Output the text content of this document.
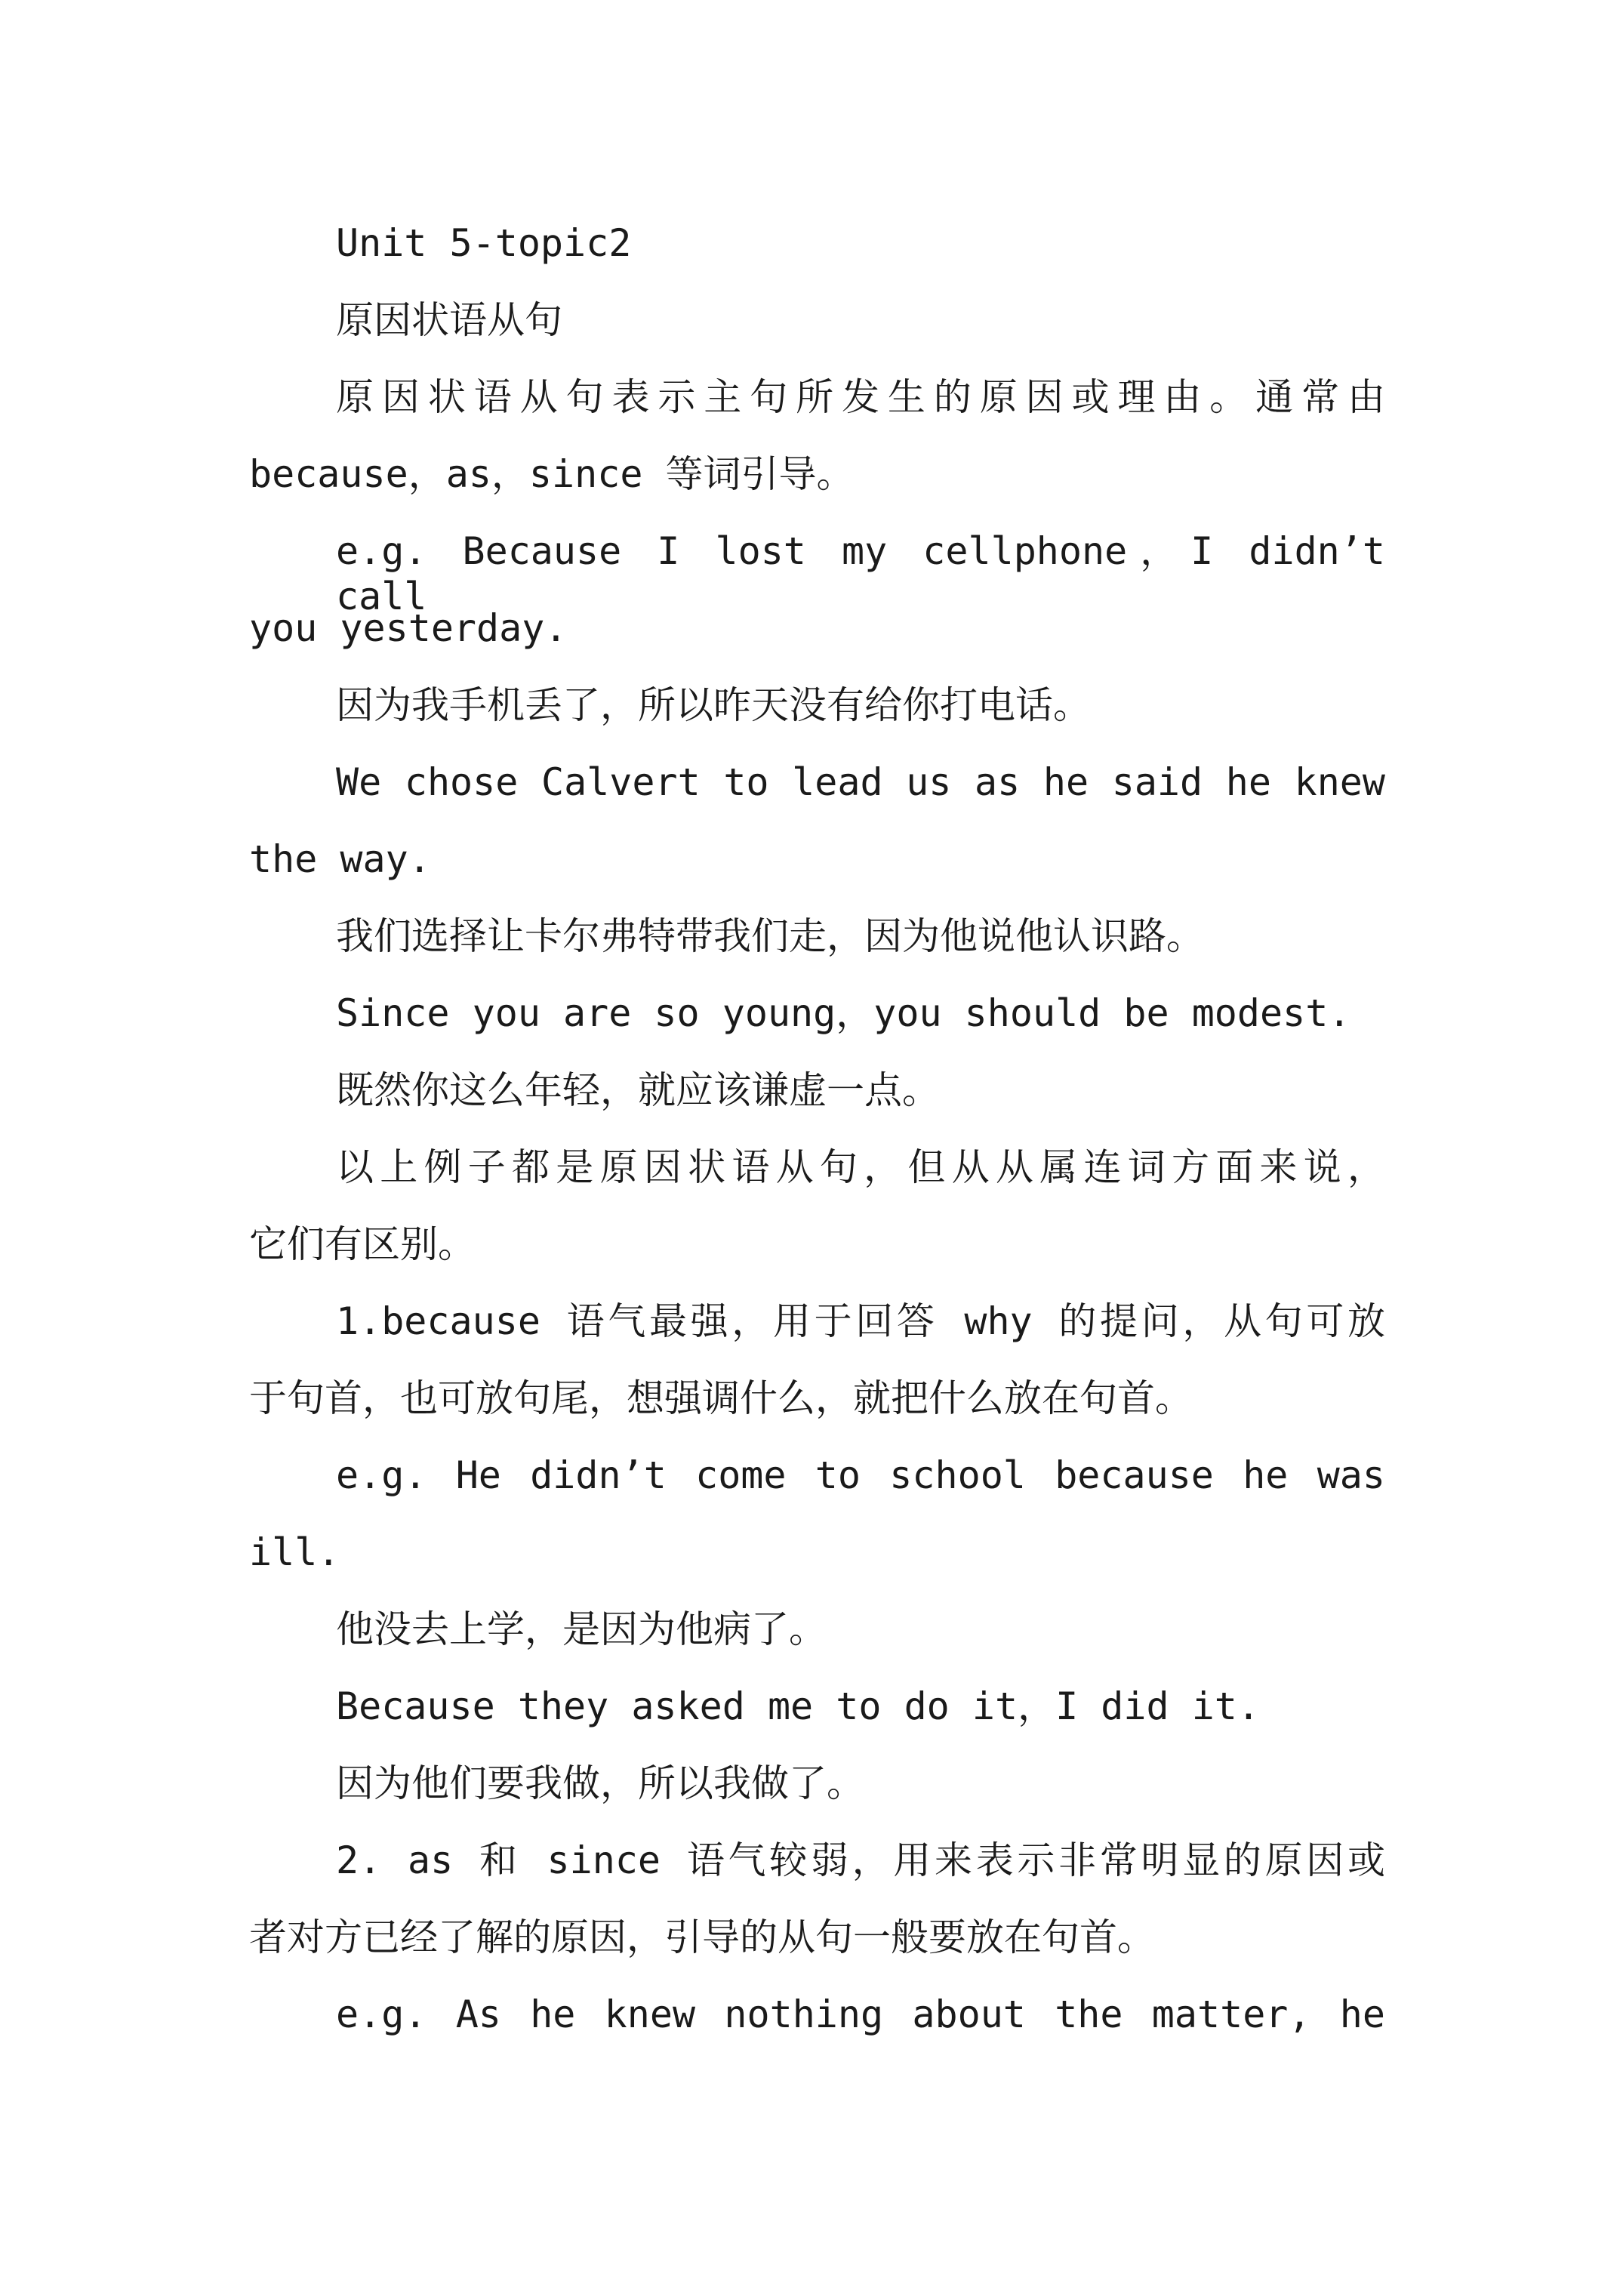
Unit 5-topic2
原因状语从句
原因状语从句表示主句所发生的原因或理由。通常由
because，as，since 等词引导。
e.g. Because I lost my cellphone，I didn’t call
you yesterday.
因为我手机丢了，所以昨天没有给你打电话。
We chose Calvert to lead us as he said he knew
the way.
我们选择让卡尔弗特带我们走，因为他说他认识路。
Since you are so young，you should be modest.
既然你这么年轻，就应该谦虚一点。
以上例子都是原因状语从句，但从从属连词方面来说，
它们有区别。
1.because 语气最强，用于回答 why 的提问，从句可放
于句首，也可放句尾，想强调什么，就把什么放在句首。
e.g. He didn’t come to school because he was
ill.
他没去上学，是因为他病了。
Because they asked me to do it，I did it.
因为他们要我做，所以我做了。
2. as 和 since 语气较弱，用来表示非常明显的原因或
者对方已经了解的原因，引导的从句一般要放在句首。
e.g. As he knew nothing about the matter, he
